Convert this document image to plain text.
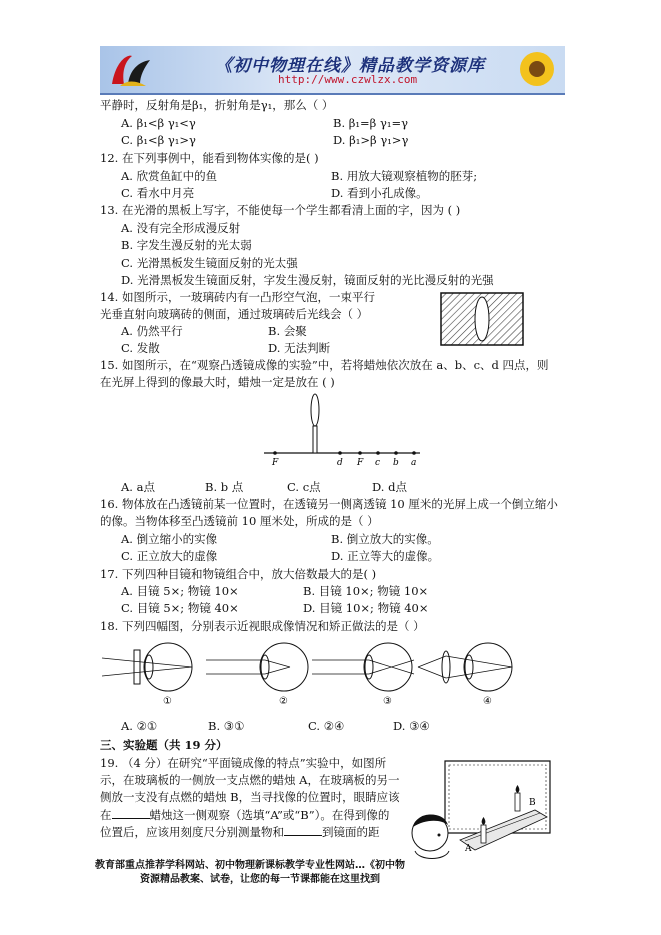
《初中物理在线》精品教学资源库
http://www.czwlzx.com
平静时，反射角是β₁，折射角是γ₁，那么（ ）
A. β₁<β γ₁<γ	B. β₁=β γ₁=γ
C. β₁<β γ₁>γ	D. β₁>β γ₁>γ
12. 在下列事例中，能看到物体实像的是( )
A. 欣赏鱼缸中的鱼	B. 用放大镜观察植物的胚芽;
C. 看水中月亮	D. 看到小孔成像。
13. 在光滑的黑板上写字，不能使每一个学生都看清上面的字，因为 ( )
A. 没有完全形成漫反射
B. 字发生漫反射的光太弱
C. 光滑黑板发生镜面反射的光太强
D. 光滑黑板发生镜面反射，字发生漫反射，镜面反射的光比漫反射的光强
14. 如图所示，一玻璃砖内有一凸形空气泡，一束平行
光垂直射向玻璃砖的侧面，通过玻璃砖后光线会（ ）
A. 仍然平行	B. 会聚
C. 发散	D. 无法判断
15. 如图所示，在“观察凸透镜成像的实验”中，若将蜡烛依次放在 a、b、c、d 四点，则
在光屏上得到的像最大时，蜡烛一定是放在 ( )
F	d F c b a
A. a点	B. b 点	C. c点	D. d点
16. 物体放在凸透镜前某一位置时，在透镜另一侧离透镜 10 厘米的光屏上成一个倒立缩小
的像。当物体移至凸透镜前 10 厘米处，所成的是（ ）
A. 倒立缩小的实像	B. 倒立放大的实像。
C. 正立放大的虚像	D. 正立等大的虚像。
17. 下列四种目镜和物镜组合中，放大倍数最大的是( )
A. 目镜 5×; 物镜 10×	B. 目镜 10×; 物镜 10×
C. 目镜 5×; 物镜 40×	D. 目镜 10×; 物镜 40×
18. 下列四幅图，分别表示近视眼成像情况和矫正做法的是（ ）
①	②	③	④
A. ②①	B. ③①	C. ②④	D. ③④
三、实验题（共 19 分）
19. （4 分）在研究“平面镜成像的特点”实验中，如图所
示，在玻璃板的一侧放一支点燃的蜡烛 A，在玻璃板的另一
侧放一支没有点燃的蜡烛 B，当寻找像的位置时，眼睛应该
在	蜡烛这一侧观察（选填“A”或“B”）。在得到像的
位置后，应该用刻度尺分别测量物和	到镜面的距
B
A
教育部重点推荐学科网站、初中物理新课标教学专业性网站…《初中物
资源精品教案、试卷，让您的每一节课都能在这里找到
